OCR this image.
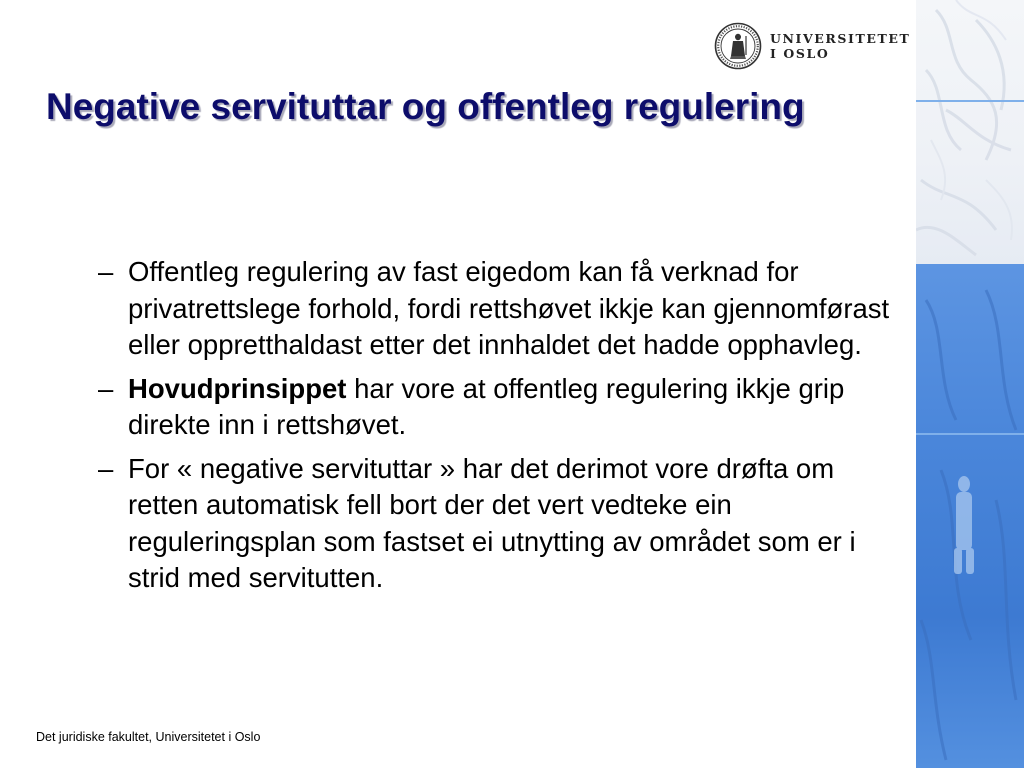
UNIVERSITETET
I OSLO
Negative servituttar og offentleg regulering
– Offentleg regulering av fast eigedom kan få verknad for privatrettslege forhold, fordi rettshøvet ikkje kan gjennomførast eller oppretthaldast etter det innhaldet det hadde opphavleg.
– Hovudprinsippet har vore at offentleg regulering ikkje grip direkte inn i rettshøvet.
– For « negative servituttar » har det derimot vore drøfta om retten automatisk fell bort der det vert vedteke ein reguleringsplan som fastset ei utnytting av området som er i strid med servitutten.
Det juridiske fakultet, Universitetet i Oslo
